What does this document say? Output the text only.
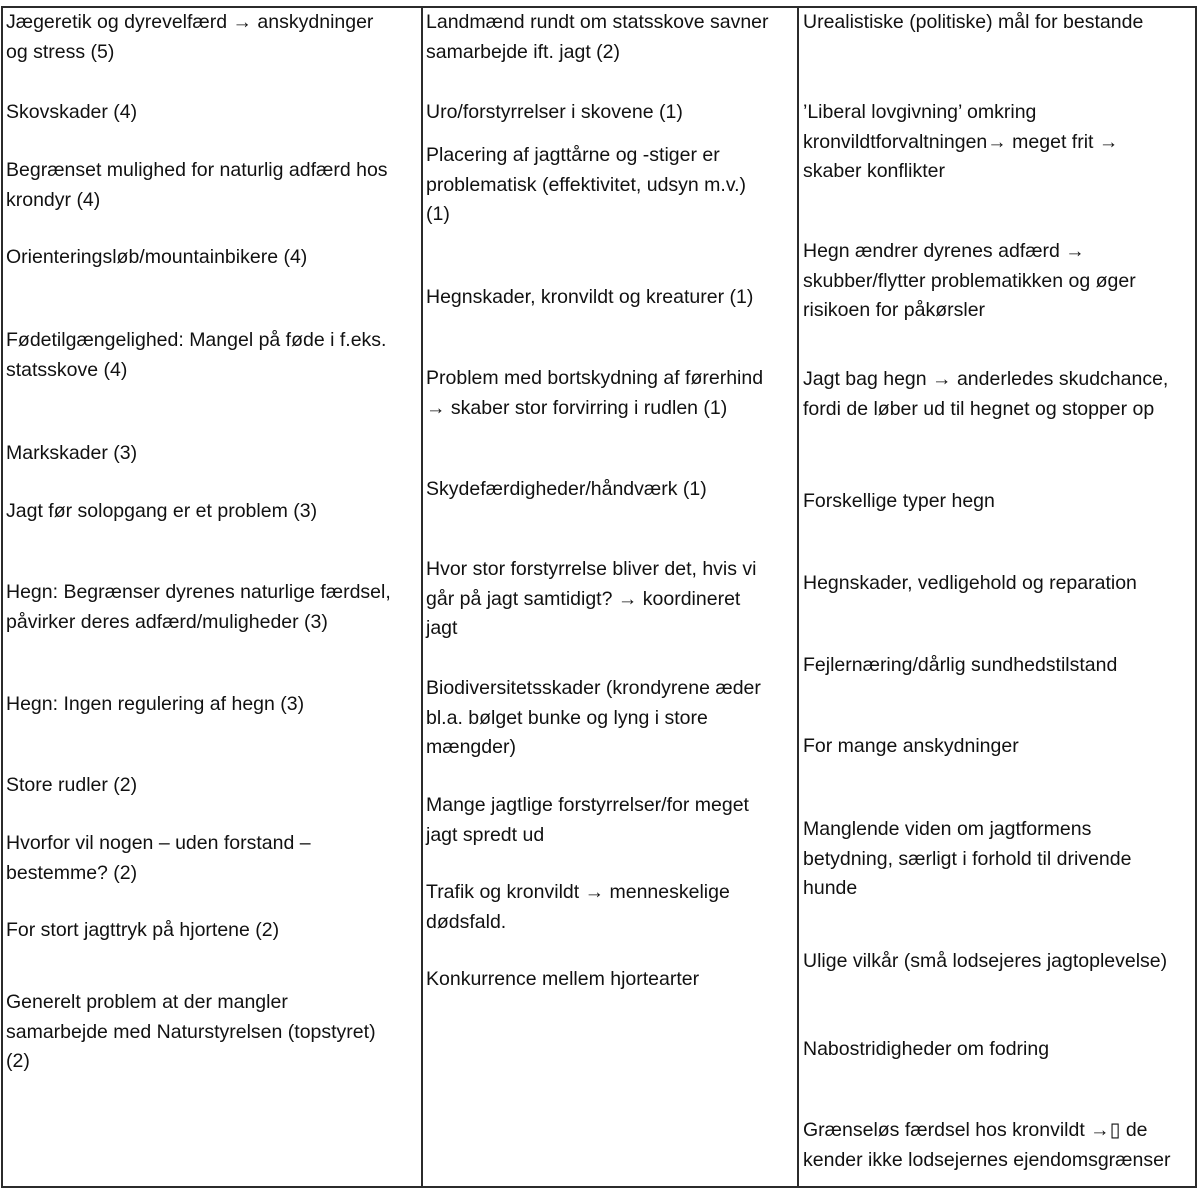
Jægeretik og dyrevelfærd → anskydninger
og stress (5)

Skovskader (4)

Begrænset mulighed for naturlig adfærd hos
krondyr (4)

Orienteringsløb/mountainbikere (4)

Fødetilgængelighed: Mangel på føde i f.eks.
statsskove (4)

Markskader (3)

Jagt før solopgang er et problem (3)

Hegn: Begrænser dyrenes naturlige færdsel,
påvirker deres adfærd/muligheder (3)

Hegn: Ingen regulering af hegn (3)

Store rudler (2)

Hvorfor vil nogen – uden forstand –
bestemme? (2)

For stort jagttryk på hjortene (2)

Generelt problem at der mangler
samarbejde med Naturstyrelsen (topstyret)
(2)

Landmænd rundt om statsskove savner
samarbejde ift. jagt (2)

Uro/forstyrrelser i skovene (1)

Placering af jagttårne og -stiger er
problematisk (effektivitet, udsyn m.v.)
(1)

Hegnskader, kronvildt og kreaturer (1)

Problem med bortskydning af førerhind
→ skaber stor forvirring i rudlen (1)

Skydefærdigheder/håndværk (1)

Hvor stor forstyrrelse bliver det, hvis vi
går på jagt samtidigt? → koordineret
jagt

Biodiversitetsskader (krondyrene æder
bl.a. bølget bunke og lyng i store
mængder)

Mange jagtlige forstyrrelser/for meget
jagt spredt ud

Trafik og kronvildt → menneskelige
dødsfald.

Konkurrence mellem hjortearter

Urealistiske (politiske) mål for bestande

’Liberal lovgivning’ omkring
kronvildtforvaltningen→ meget frit →
skaber konflikter

Hegn ændrer dyrenes adfærd →
skubber/flytter problematikken og øger
risikoen for påkørsler

Jagt bag hegn → anderledes skudchance,
fordi de løber ud til hegnet og stopper op

Forskellige typer hegn

Hegnskader, vedligehold og reparation

Fejlernæring/dårlig sundhedstilstand

For mange anskydninger

Manglende viden om jagtformens
betydning, særligt i forhold til drivende
hunde

Ulige vilkår (små lodsejeres jagtoplevelse)

Nabostridigheder om fodring

Grænseløs færdsel hos kronvildt →▯ de
kender ikke lodsejernes ejendomsgrænser
